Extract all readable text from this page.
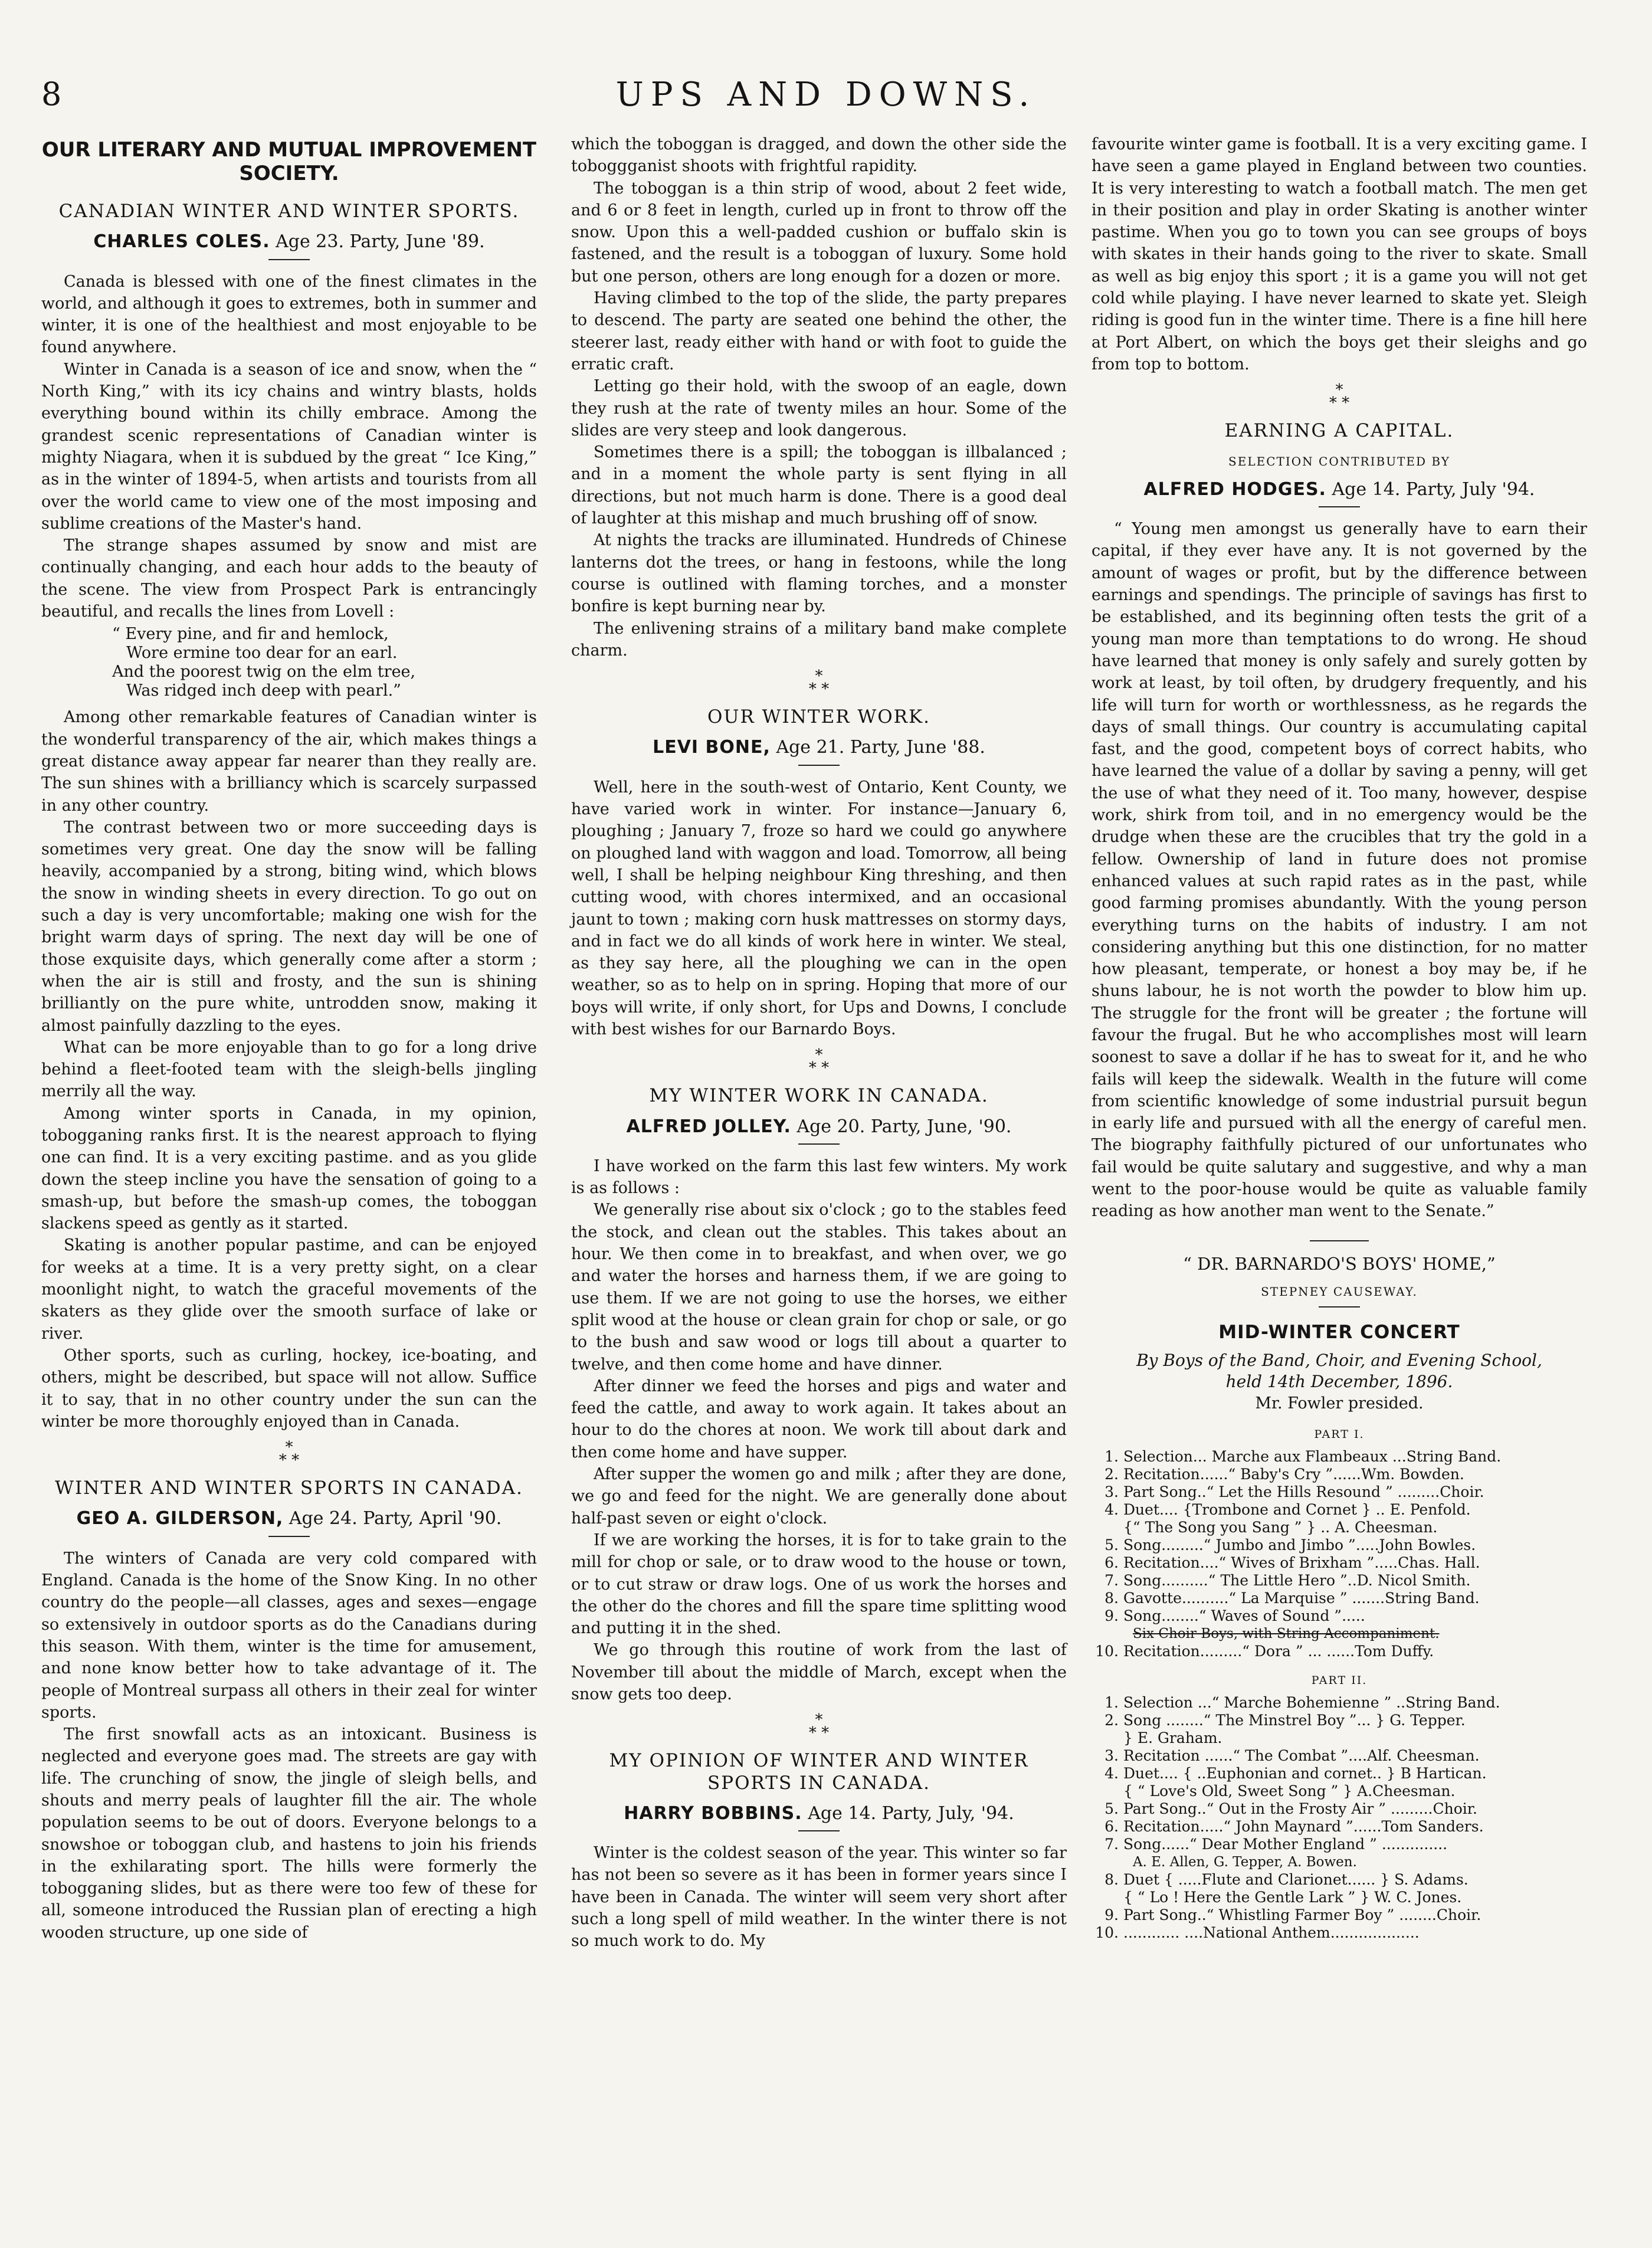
8	UPS AND DOWNS.
OUR LITERARY AND MUTUAL IMPROVEMENT SOCIETY.
CANADIAN WINTER AND WINTER SPORTS.
CHARLES COLES. Age 23. Party, June '89.

Canada is blessed with one of the finest climates in the world, and although it goes to extremes, both in summer and winter, it is one of the healthiest and most enjoyable to be found anywhere.

Winter in Canada is a season of ice and snow, when the “ North King,” with its icy chains and wintry blasts, holds everything bound within its chilly embrace. Among the grandest scenic representations of Canadian winter is mighty Niagara, when it is subdued by the great “ Ice King,” as in the winter of 1894-5, when artists and tourists from all over the world came to view one of the most imposing and sublime creations of the Master's hand.

The strange shapes assumed by snow and mist are continually changing, and each hour adds to the beauty of the scene. The view from Prospect Park is entrancingly beautiful, and recalls the lines from Lovell :

“ Every pine, and fir and hemlock,
Wore ermine too dear for an earl.
And the poorest twig on the elm tree,
Was ridged inch deep with pearl.”

Among other remarkable features of Canadian winter is the wonderful transparency of the air, which makes things a great distance away appear far nearer than they really are. The sun shines with a brilliancy which is scarcely surpassed in any other country.

The contrast between two or more succeeding days is sometimes very great. One day the snow will be falling heavily, accompanied by a strong, biting wind, which blows the snow in winding sheets in every direction. To go out on such a day is very uncomfortable; making one wish for the bright warm days of spring. The next day will be one of those exquisite days, which generally come after a storm ; when the air is still and frosty, and the sun is shining brilliantly on the pure white, untrodden snow, making it almost painfully dazzling to the eyes.

What can be more enjoyable than to go for a long drive behind a fleet-footed team with the sleigh-bells jingling merrily all the way.

Among winter sports in Canada, in my opinion, tobogganing ranks first. It is the nearest approach to flying one can find. It is a very exciting pastime. and as you glide down the steep incline you have the sensation of going to a smash-up, but before the smash-up comes, the toboggan slackens speed as gently as it started.

Skating is another popular pastime, and can be enjoyed for weeks at a time. It is a very pretty sight, on a clear moonlight night, to watch the graceful movements of the skaters as they glide over the smooth surface of lake or river.

Other sports, such as curling, hockey, ice-boating, and others, might be described, but space will not allow. Suffice it to say, that in no other country under the sun can the winter be more thoroughly enjoyed than in Canada.

*
* *
WINTER AND WINTER SPORTS IN CANADA.
GEO A. GILDERSON, Age 24. Party, April '90.

The winters of Canada are very cold compared with England. Canada is the home of the Snow King. In no other country do the people—all classes, ages and sexes—engage so extensively in outdoor sports as do the Canadians during this season. With them, winter is the time for amusement, and none know better how to take advantage of it. The people of Montreal surpass all others in their zeal for winter sports.

The first snowfall acts as an intoxicant. Business is neglected and everyone goes mad. The streets are gay with life. The crunching of snow, the jingle of sleigh bells, and shouts and merry peals of laughter fill the air. The whole population seems to be out of doors. Everyone belongs to a snowshoe or toboggan club, and hastens to join his friends in the exhilarating sport. The hills were formerly the tobogganing slides, but as there were too few of these for all, someone introduced the Russian plan of erecting a high wooden structure, up one side of

which the toboggan is dragged, and down the other side the toboggganist shoots with frightful rapidity.

The toboggan is a thin strip of wood, about 2 feet wide, and 6 or 8 feet in length, curled up in front to throw off the snow. Upon this a well-padded cushion or buffalo skin is fastened, and the result is a toboggan of luxury. Some hold but one person, others are long enough for a dozen or more.

Having climbed to the top of the slide, the party prepares to descend. The party are seated one behind the other, the steerer last, ready either with hand or with foot to guide the erratic craft.

Letting go their hold, with the swoop of an eagle, down they rush at the rate of twenty miles an hour. Some of the slides are very steep and look dangerous.

Sometimes there is a spill; the toboggan is illbalanced ; and in a moment the whole party is sent flying in all directions, but not much harm is done. There is a good deal of laughter at this mishap and much brushing off of snow.

At nights the tracks are illuminated. Hundreds of Chinese lanterns dot the trees, or hang in festoons, while the long course is outlined with flaming torches, and a monster bonfire is kept burning near by.

The enlivening strains of a military band make complete charm.

*
* *
OUR WINTER WORK.
LEVI BONE, Age 21. Party, June '88.

Well, here in the south-west of Ontario, Kent County, we have varied work in winter. For instance—January 6, ploughing ; January 7, froze so hard we could go anywhere on ploughed land with waggon and load. Tomorrow, all being well, I shall be helping neighbour King threshing, and then cutting wood, with chores intermixed, and an occasional jaunt to town ; making corn husk mattresses on stormy days, and in fact we do all kinds of work here in winter. We steal, as they say here, all the ploughing we can in the open weather, so as to help on in spring. Hoping that more of our boys will write, if only short, for Ups and Downs, I conclude with best wishes for our Barnardo Boys.

*
* *
MY WINTER WORK IN CANADA.
ALFRED JOLLEY. Age 20. Party, June, '90.

I have worked on the farm this last few winters. My work is as follows :

We generally rise about six o'clock ; go to the stables feed the stock, and clean out the stables. This takes about an hour. We then come in to breakfast, and when over, we go and water the horses and harness them, if we are going to use them. If we are not going to use the horses, we either split wood at the house or clean grain for chop or sale, or go to the bush and saw wood or logs till about a quarter to twelve, and then come home and have dinner.

After dinner we feed the horses and pigs and water and feed the cattle, and away to work again. It takes about an hour to do the chores at noon. We work till about dark and then come home and have supper.

After supper the women go and milk ; after they are done, we go and feed for the night. We are generally done about half-past seven or eight o'clock.

If we are working the horses, it is for to take grain to the mill for chop or sale, or to draw wood to the house or town, or to cut straw or draw logs. One of us work the horses and the other do the chores and fill the spare time splitting wood and putting it in the shed.

We go through this routine of work from the last of November till about the middle of March, except when the snow gets too deep.

*
* *
MY OPINION OF WINTER AND WINTER SPORTS IN CANADA.
HARRY BOBBINS. Age 14. Party, July, '94.

Winter is the coldest season of the year. This winter so far has not been so severe as it has been in former years since I have been in Canada. The winter will seem very short after such a long spell of mild weather. In the winter there is not so much work to do. My

favourite winter game is football. It is a very exciting game. I have seen a game played in England between two counties. It is very interesting to watch a football match. The men get in their position and play in order Skating is another winter pastime. When you go to town you can see groups of boys with skates in their hands going to the river to skate. Small as well as big enjoy this sport ; it is a game you will not get cold while playing. I have never learned to skate yet. Sleigh riding is good fun in the winter time. There is a fine hill here at Port Albert, on which the boys get their sleighs and go from top to bottom.

*
* *
EARNING A CAPITAL.
SELECTION CONTRIBUTED BY
ALFRED HODGES. Age 14. Party, July '94.

“ Young men amongst us generally have to earn their capital, if they ever have any. It is not governed by the amount of wages or profit, but by the difference between earnings and spendings. The principle of savings has first to be established, and its beginning often tests the grit of a young man more than temptations to do wrong. He shoud have learned that money is only safely and surely gotten by work at least, by toil often, by drudgery frequently, and his life will turn for worth or worthlessness, as he regards the days of small things. Our country is accumulating capital fast, and the good, competent boys of correct habits, who have learned the value of a dollar by saving a penny, will get the use of what they need of it. Too many, however, despise work, shirk from toil, and in no emergency would be the drudge when these are the crucibles that try the gold in a fellow. Ownership of land in future does not promise enhanced values at such rapid rates as in the past, while good farming promises abundantly. With the young person everything turns on the habits of industry. I am not considering anything but this one distinction, for no matter how pleasant, temperate, or honest a boy may be, if he shuns labour, he is not worth the powder to blow him up. The struggle for the front will be greater ; the fortune will favour the frugal. But he who accomplishes most will learn soonest to save a dollar if he has to sweat for it, and he who fails will keep the sidewalk. Wealth in the future will come from scientific knowledge of some industrial pursuit begun in early life and pursued with all the energy of careful men. The biography faithfully pictured of our unfortunates who fail would be quite salutary and suggestive, and why a man went to the poor-house would be quite as valuable family reading as how another man went to the Senate.”

“ DR. BARNARDO'S BOYS' HOME,”
STEPNEY CAUSEWAY.
MID-WINTER CONCERT
By Boys of the Band, Choir, and Evening School,
held 14th December, 1896.
Mr. Fowler presided.
PART I.
1. Selection... Marche aux Flambeaux ...String Band.
2. Recitation......“ Baby's Cry ”......Wm. Bowden.
3. Part Song..“ Let the Hills Resound ” .........Choir.
4. Duet.... {Trombone and Cornet } .. E. Penfold.
{“ The Song you Sang ” } .. A. Cheesman.
5. Song.........“ Jumbo and Jimbo ”.....John Bowles.
6. Recitation....“ Wives of Brixham ”.....Chas. Hall.
7. Song..........“ The Little Hero ”..D. Nicol Smith.
8. Gavotte..........“ La Marquise ” .......String Band.
9. Song........“ Waves of Sound ”.....
Six Choir Boys, with String Accompaniment.
10. Recitation.........“ Dora ” ... ......Tom Duffy.
PART II.
1. Selection ...“ Marche Bohemienne ” ..String Band.
2. Song ........“ The Minstrel Boy ”... } G. Tepper.
} E. Graham.
3. Recitation ......“ The Combat ”....Alf. Cheesman.
4. Duet.... { ..Euphonian and cornet.. } B Hartican.
{ “ Love's Old, Sweet Song ” } A.Cheesman.
5. Part Song..“ Out in the Frosty Air ” .........Choir.
6. Recitation.....“ John Maynard ”......Tom Sanders.
7. Song......“ Dear Mother England ” ..............
A. E. Allen, G. Tepper, A. Bowen.
8. Duet { .....Flute and Clarionet...... } S. Adams.
{ “ Lo ! Here the Gentle Lark ” } W. C. Jones.
9. Part Song..“ Whistling Farmer Boy ” ........Choir.
10. ............ ....National Anthem...................
